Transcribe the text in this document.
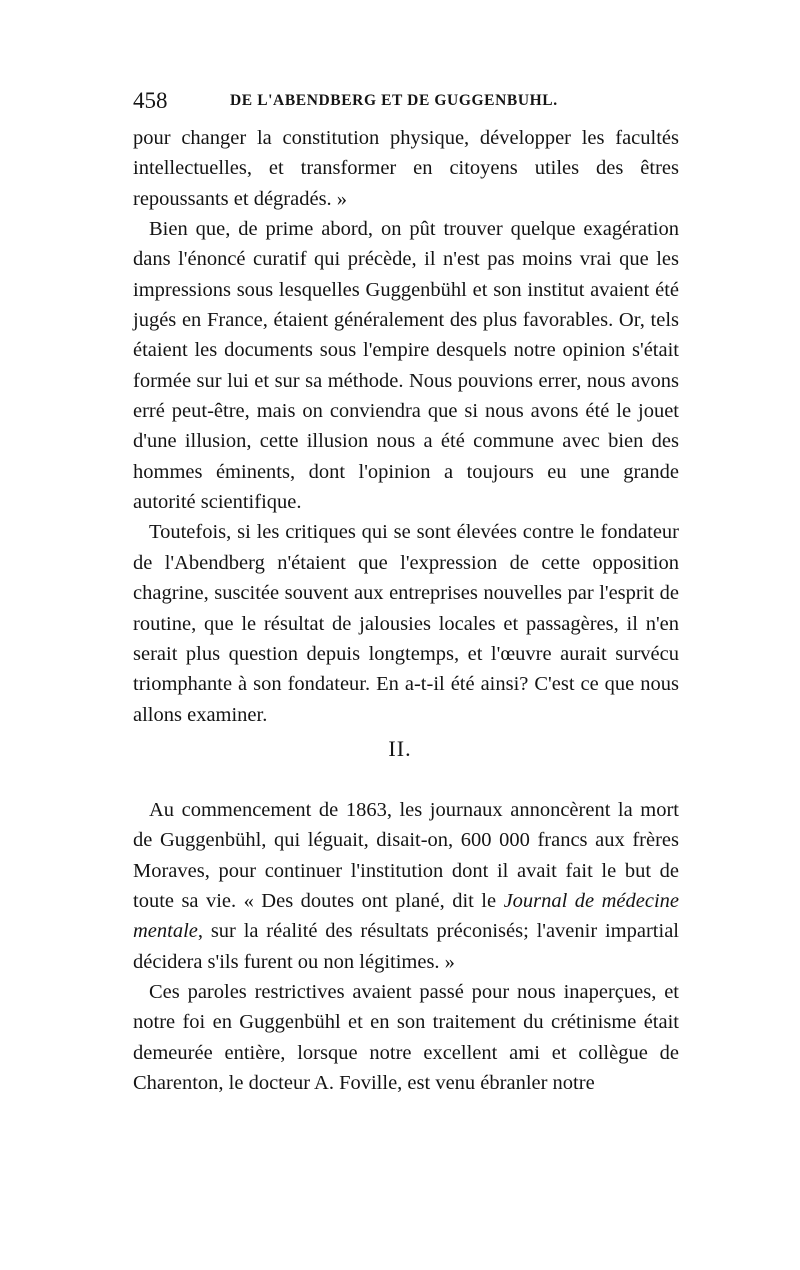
458	DE L'ABENDBERG ET DE GUGGENBUHL.

pour changer la constitution physique, développer les facultés intellectuelles, et transformer en citoyens utiles des êtres repoussants et dégradés. »

Bien que, de prime abord, on pût trouver quelque exagération dans l'énoncé curatif qui précède, il n'est pas moins vrai que les impressions sous lesquelles Guggenbühl et son institut avaient été jugés en France, étaient généralement des plus favorables. Or, tels étaient les documents sous l'empire desquels notre opinion s'était formée sur lui et sur sa méthode. Nous pouvions errer, nous avons erré peut-être, mais on conviendra que si nous avons été le jouet d'une illusion, cette illusion nous a été commune avec bien des hommes éminents, dont l'opinion a toujours eu une grande autorité scientifique.

Toutefois, si les critiques qui se sont élevées contre le fondateur de l'Abendberg n'étaient que l'expression de cette opposition chagrine, suscitée souvent aux entreprises nouvelles par l'esprit de routine, que le résultat de jalousies locales et passagères, il n'en serait plus question depuis longtemps, et l'œuvre aurait survécu triomphante à son fondateur. En a-t-il été ainsi? C'est ce que nous allons examiner.

II.

Au commencement de 1863, les journaux annoncèrent la mort de Guggenbühl, qui léguait, disait-on, 600 000 francs aux frères Moraves, pour continuer l'institution dont il avait fait le but de toute sa vie. « Des doutes ont plané, dit le Journal de médecine mentale, sur la réalité des résultats préconisés; l'avenir impartial décidera s'ils furent ou non légitimes. »

Ces paroles restrictives avaient passé pour nous inaperçues, et notre foi en Guggenbühl et en son traitement du crétinisme était demeurée entière, lorsque notre excellent ami et collègue de Charenton, le docteur A. Foville, est venu ébranler notre
